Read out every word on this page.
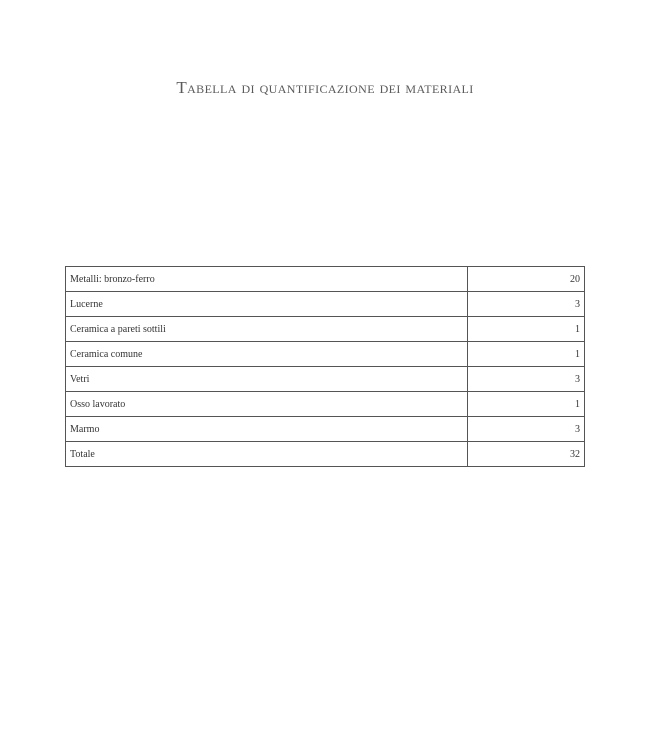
Tabella di quantificazione dei materiali
Metalli: bronzo-ferro	20
Lucerne	3
Ceramica a pareti sottili	1
Ceramica comune	1
Vetri	3
Osso lavorato	1
Marmo	3
Totale	32
